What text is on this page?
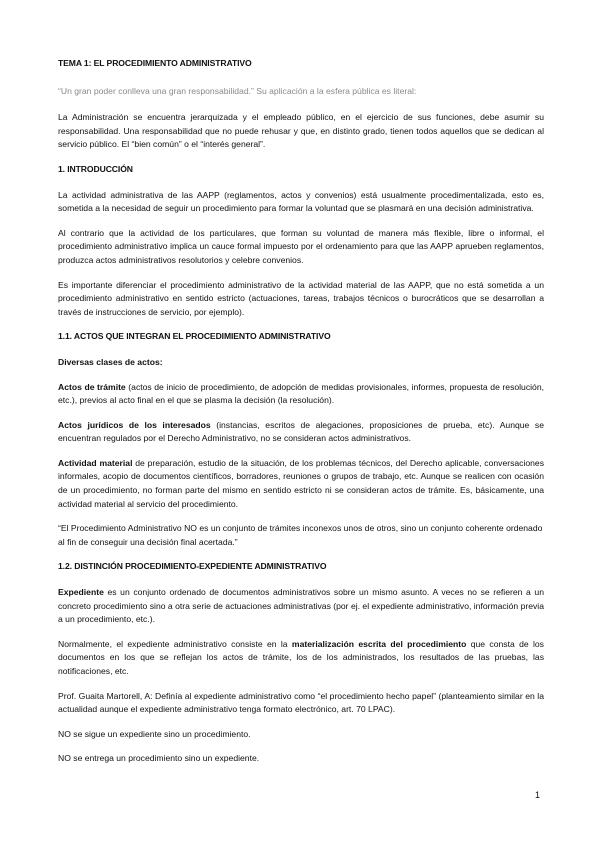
TEMA 1: EL PROCEDIMIENTO ADMINISTRATIVO

“Un gran poder conlleva una gran responsabilidad.” Su aplicación a la esfera pública es literal:

La Administración se encuentra jerarquizada y el empleado público, en el ejercicio de sus funciones, debe asumir su responsabilidad. Una responsabilidad que no puede rehusar y que, en distinto grado, tienen todos aquellos que se dedican al servicio público. El “bien común” o el “interés general”.

1. INTRODUCCIÓN

La actividad administrativa de las AAPP (reglamentos, actos y convenios) está usualmente procedimentalizada, esto es, sometida a la necesidad de seguir un procedimiento para formar la voluntad que se plasmará en una decisión administrativa.

Al contrario que la actividad de los particulares, que forman su voluntad de manera más flexible, libre o informal, el procedimiento administrativo implica un cauce formal impuesto por el ordenamiento para que las AAPP aprueben reglamentos, produzca actos administrativos resolutorios y celebre convenios.

Es importante diferenciar el procedimiento administrativo de la actividad material de las AAPP, que no está sometida a un procedimiento administrativo en sentido estricto (actuaciones, tareas, trabajos técnicos o burocráticos que se desarrollan a través de instrucciones de servicio, por ejemplo).

1.1. ACTOS QUE INTEGRAN EL PROCEDIMIENTO ADMINISTRATIVO

Diversas clases de actos:

Actos de trámite (actos de inicio de procedimiento, de adopción de medidas provisionales, informes, propuesta de resolución, etc.), previos al acto final en el que se plasma la decisión (la resolución).

Actos jurídicos de los interesados (instancias, escritos de alegaciones, proposiciones de prueba, etc). Aunque se encuentran regulados por el Derecho Administrativo, no se consideran actos administrativos.

Actividad material de preparación, estudio de la situación, de los problemas técnicos, del Derecho aplicable, conversaciones informales, acopio de documentos científicos, borradores, reuniones o grupos de trabajo, etc. Aunque se realicen con ocasión de un procedimiento, no forman parte del mismo en sentido estricto ni se consideran actos de trámite. Es, básicamente, una actividad material al servicio del procedimiento.

“El Procedimiento Administrativo NO es un conjunto de trámites inconexos unos de otros, sino un conjunto coherente ordenado al fin de conseguir una decisión final acertada.”

1.2. DISTINCIÓN PROCEDIMIENTO-EXPEDIENTE ADMINISTRATIVO

Expediente es un conjunto ordenado de documentos administrativos sobre un mismo asunto. A veces no se refieren a un concreto procedimiento sino a otra serie de actuaciones administrativas (por ej. el expediente administrativo, información previa a un procedimiento, etc.).

Normalmente, el expediente administrativo consiste en la materialización escrita del procedimiento que consta de los documentos en los que se reflejan los actos de trámite, los de los administrados, los resultados de las pruebas, las notificaciones, etc.

Prof. Guaita Martorell, A: Definía al expediente administrativo como “el procedimiento hecho papel” (planteamiento similar en la actualidad aunque el expediente administrativo tenga formato electrónico, art. 70 LPAC).

NO se sigue un expediente sino un procedimiento.

NO se entrega un procedimiento sino un expediente.

1
